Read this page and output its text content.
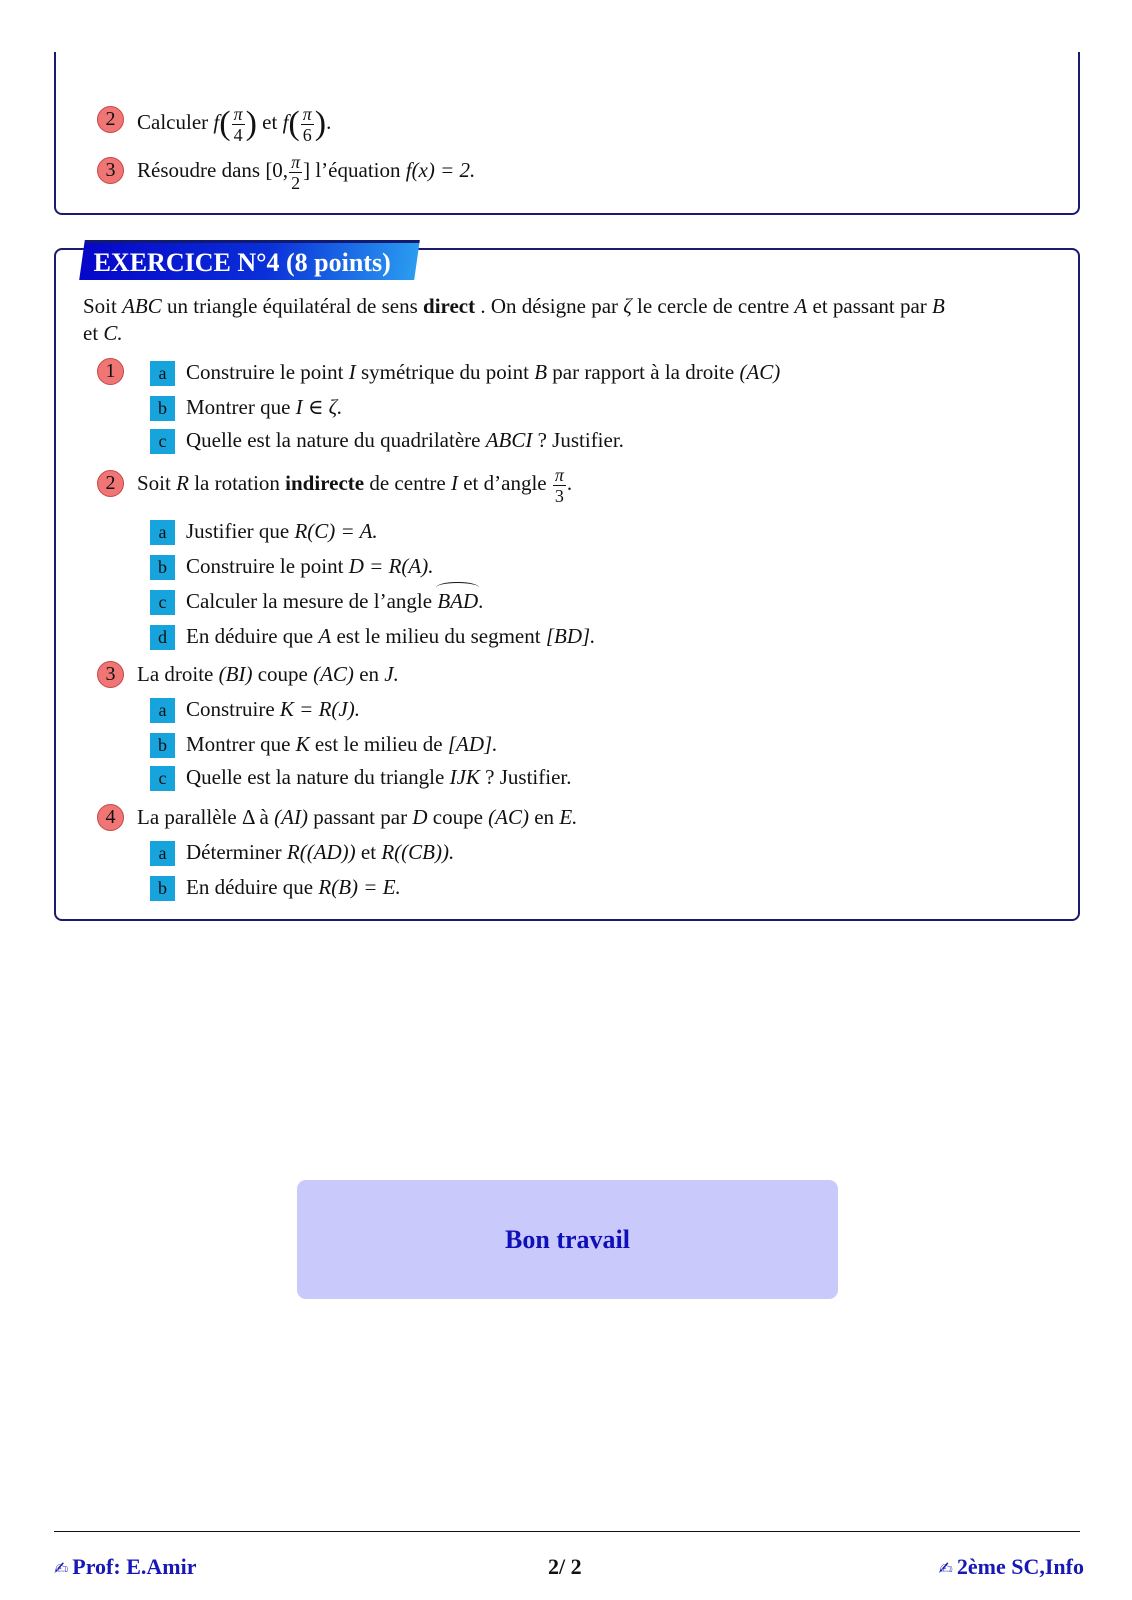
2	Calculer $f( \frac{\pi}{4}$ ) et $f( \frac{\pi}{6}$ ).
3	Résoudre dans [0, $\frac{\pi}{2}$ ] l’équation f(x) = 2.
EXERCICE N°4 (8 points)
Soit ABC un triangle équilatéral de sens direct . On désigne par ζ le cercle de centre A et passant par B
et C.
1	a Construire le point I symétrique du point B par rapport à la droite (AC)
b Montrer que I ∈ ζ.
c Quelle est la nature du quadrilatère ABCI ? Justifier.
2	Soit R la rotation indirecte de centre I et d’angle $\frac{\pi}{3}$ .
a Justifier que R(C) = A.
b Construire le point D = R(A).
c Calculer la mesure de l’angle BAD.
d En déduire que A est le milieu du segment [BD].
3	La droite (BI) coupe (AC) en J.
a Construire K = R(J).
b Montrer que K est le milieu de [AD].
c Quelle est la nature du triangle IJK ? Justifier.
4	La parallèle Δ à (AI) passant par D coupe (AC) en E.
a Déterminer R((AD)) et R((CB)).
b En déduire que R(B) = E.
Bon travail
✍ Prof: E.Amir	2/ 2	✍ 2ème SC,Info
